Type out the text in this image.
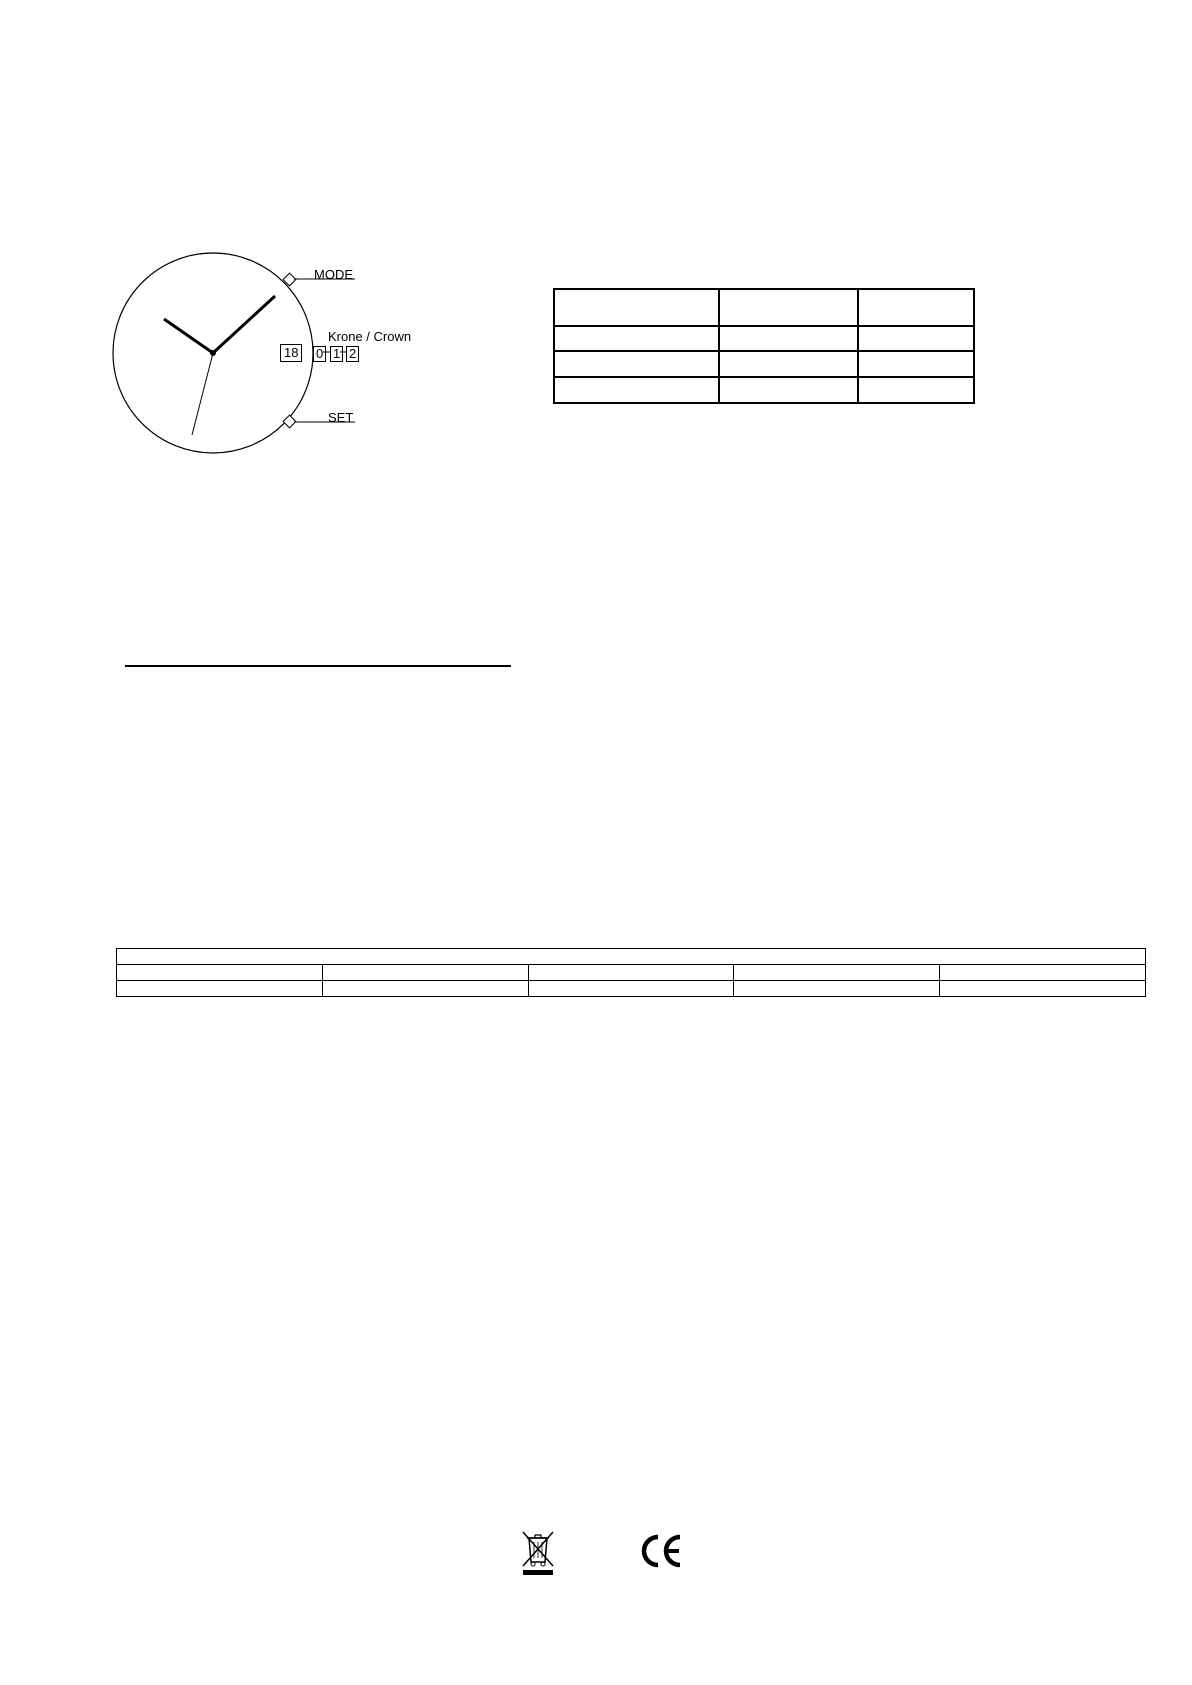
MODE
SET
Krone / Crown
18	0 1 2
